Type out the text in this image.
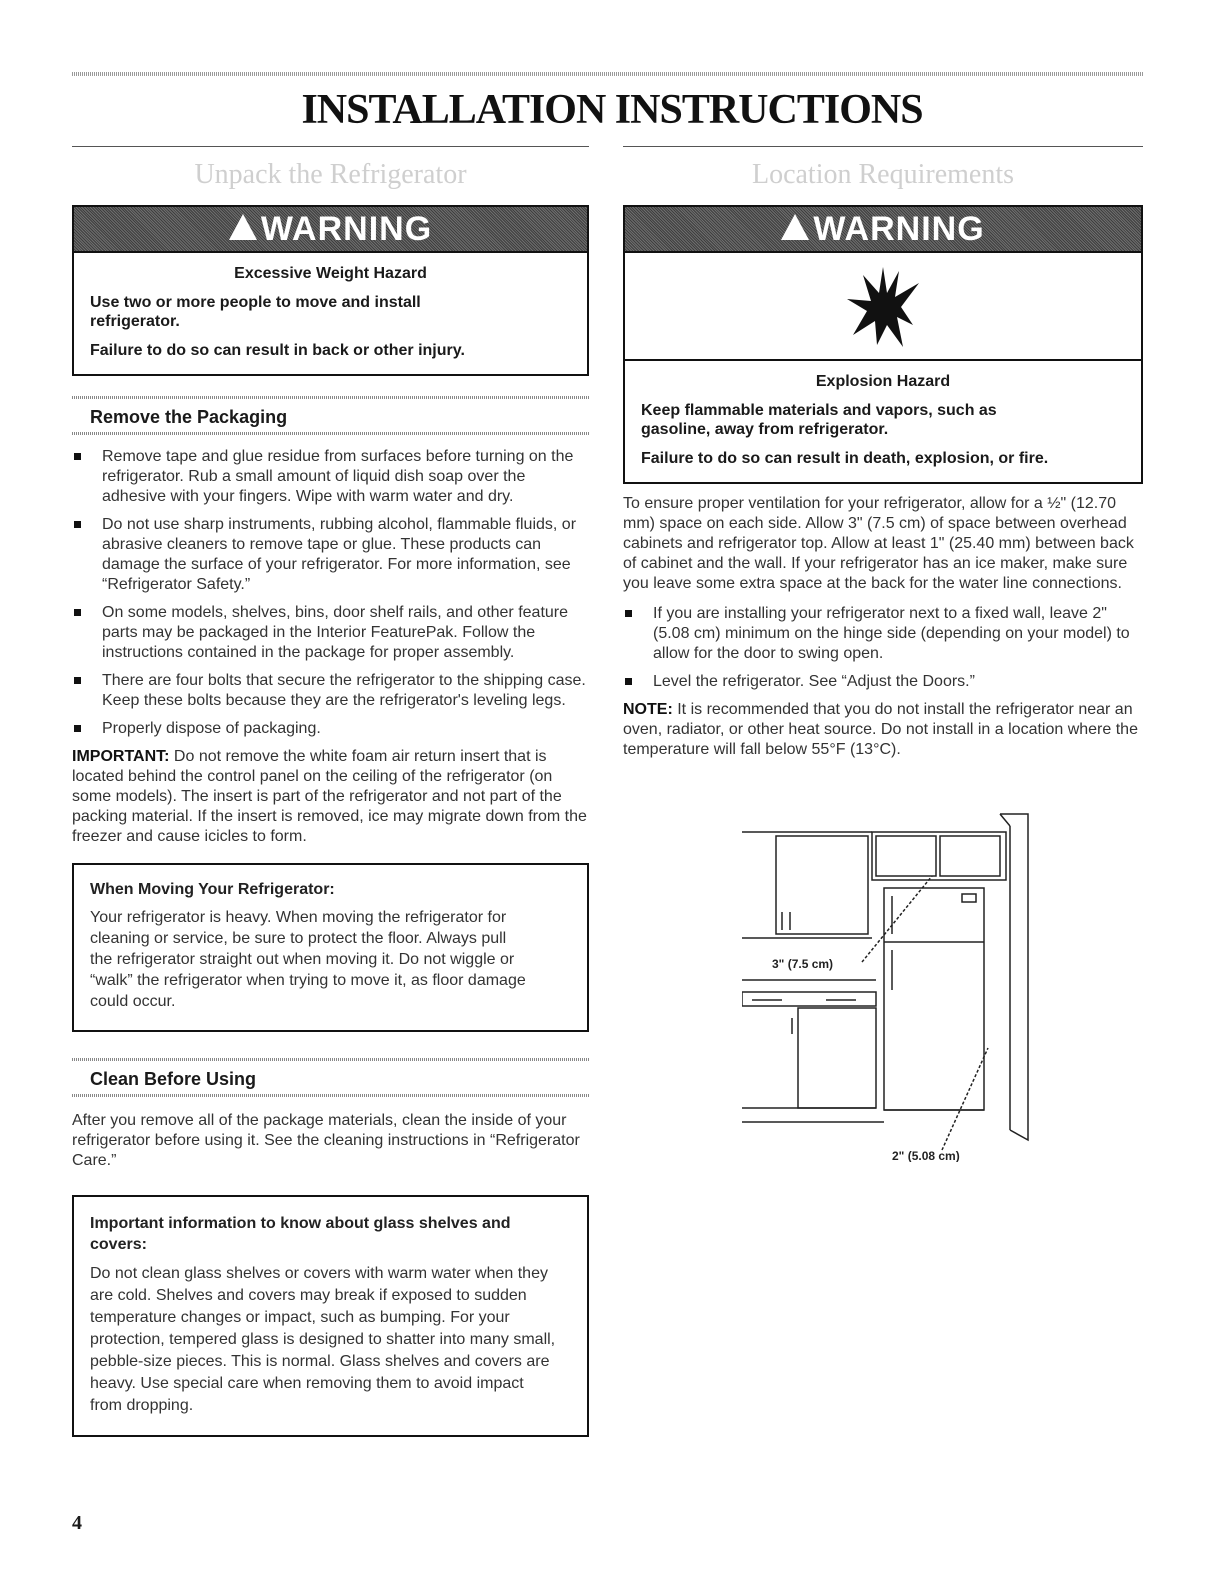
INSTALLATION INSTRUCTIONS
Unpack the Refrigerator
WARNING
Excessive Weight Hazard

Use two or more people to move and install refrigerator.

Failure to do so can result in back or other injury.

Remove the Packaging
Remove tape and glue residue from surfaces before turning on the refrigerator. Rub a small amount of liquid dish soap over the adhesive with your fingers. Wipe with warm water and dry.
Do not use sharp instruments, rubbing alcohol, flammable fluids, or abrasive cleaners to remove tape or glue. These products can damage the surface of your refrigerator. For more information, see “Refrigerator Safety.”
On some models, shelves, bins, door shelf rails, and other feature parts may be packaged in the Interior FeaturePak. Follow the instructions contained in the package for proper assembly.
There are four bolts that secure the refrigerator to the shipping case. Keep these bolts because they are the refrigerator's leveling legs.
Properly dispose of packaging.

IMPORTANT: Do not remove the white foam air return insert that is located behind the control panel on the ceiling of the refrigerator (on some models). The insert is part of the refrigerator and not part of the packing material. If the insert is removed, ice may migrate down from the freezer and cause icicles to form.

When Moving Your Refrigerator:
Your refrigerator is heavy. When moving the refrigerator for cleaning or service, be sure to protect the floor. Always pull the refrigerator straight out when moving it. Do not wiggle or “walk” the refrigerator when trying to move it, as floor damage could occur.
Clean Before Using

After you remove all of the package materials, clean the inside of your refrigerator before using it. See the cleaning instructions in “Refrigerator Care.”

Important information to know about glass shelves and covers:
Do not clean glass shelves or covers with warm water when they are cold. Shelves and covers may break if exposed to sudden temperature changes or impact, such as bumping. For your protection, tempered glass is designed to shatter into many small, pebble-size pieces. This is normal. Glass shelves and covers are heavy. Use special care when removing them to avoid impact from dropping.
Location Requirements
WARNING
Explosion Hazard

Keep flammable materials and vapors, such as gasoline, away from refrigerator.

Failure to do so can result in death, explosion, or fire.

To ensure proper ventilation for your refrigerator, allow for a ½" (12.70 mm) space on each side. Allow 3" (7.5 cm) of space between overhead cabinets and refrigerator top. Allow at least 1" (25.40 mm) between back of cabinet and the wall. If your refrigerator has an ice maker, make sure you leave some extra space at the back for the water line connections.

If you are installing your refrigerator next to a fixed wall, leave 2" (5.08 cm) minimum on the hinge side (depending on your model) to allow for the door to swing open.
Level the refrigerator. See “Adjust the Doors.”

NOTE: It is recommended that you do not install the refrigerator near an oven, radiator, or other heat source. Do not install in a location where the temperature will fall below 55°F (13°C).

3" (7.5 cm)
2" (5.08 cm)
4
